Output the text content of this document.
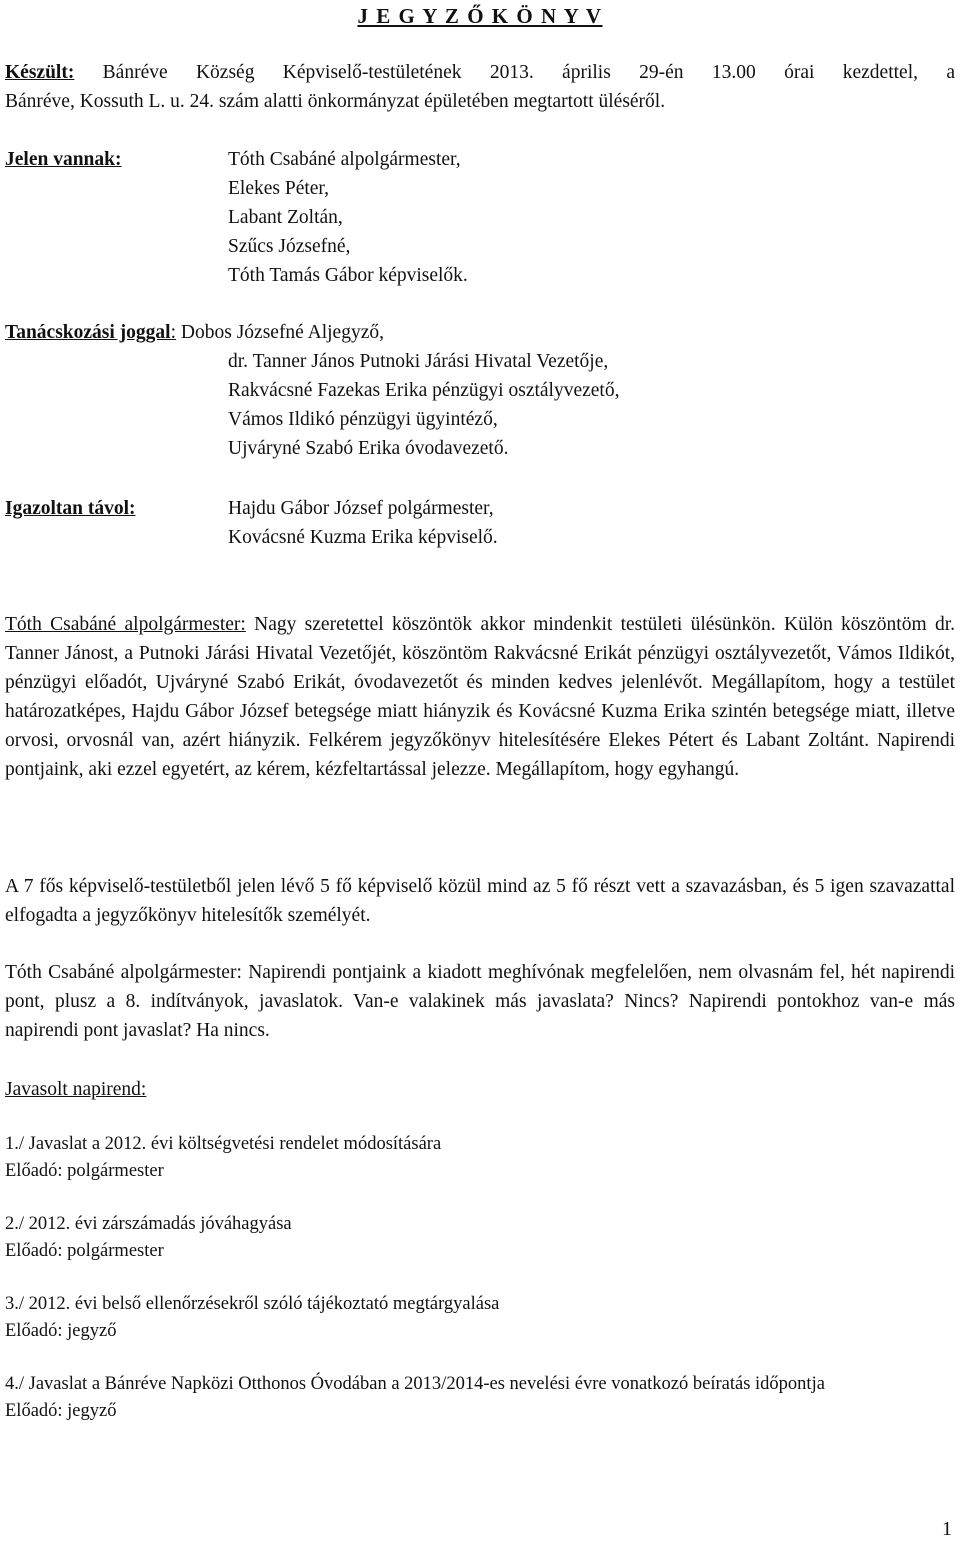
J E G Y Z Ő K Ö N Y V
Készült: Bánréve Község Képviselő-testületének 2013. április 29-én 13.00 órai kezdettel, a
Bánréve, Kossuth L. u. 24. szám alatti önkormányzat épületében megtartott üléséről.
Jelen vannak:	Tóth Csabáné alpolgármester,
Elekes Péter,
Labant Zoltán,
Szűcs Józsefné,
Tóth Tamás Gábor képviselők.
Tanácskozási joggal: Dobos Józsefné Aljegyző,
dr. Tanner János Putnoki Járási Hivatal Vezetője,
Rakvácsné Fazekas Erika pénzügyi osztályvezető,
Vámos Ildikó pénzügyi ügyintéző,
Ujváryné Szabó Erika óvodavezető.
Igazoltan távol:	Hajdu Gábor József polgármester,
Kovácsné Kuzma Erika képviselő.
Tóth Csabáné alpolgármester: Nagy szeretettel köszöntök akkor mindenkit testületi ülésünkön. Külön köszöntöm dr. Tanner Jánost, a Putnoki Járási Hivatal Vezetőjét, köszöntöm Rakvácsné Erikát pénzügyi osztályvezetőt, Vámos Ildikót, pénzügyi előadót, Ujváryné Szabó Erikát, óvodavezetőt és minden kedves jelenlévőt. Megállapítom, hogy a testület határozatképes, Hajdu Gábor József betegsége miatt hiányzik és Kovácsné Kuzma Erika szintén betegsége miatt, illetve orvosi, orvosnál van, azért hiányzik. Felkérem jegyzőkönyv hitelesítésére Elekes Pétert és Labant Zoltánt. Napirendi pontjaink, aki ezzel egyetért, az kérem, kézfeltartással jelezze. Megállapítom, hogy egyhangú.
A 7 fős képviselő-testületből jelen lévő 5 fő képviselő közül mind az 5 fő részt vett a szavazásban, és 5 igen szavazattal elfogadta a jegyzőkönyv hitelesítők személyét.
Tóth Csabáné alpolgármester: Napirendi pontjaink a kiadott meghívónak megfelelően, nem olvasnám fel, hét napirendi pont, plusz a 8. indítványok, javaslatok. Van-e valakinek más javaslata? Nincs? Napirendi pontokhoz van-e más napirendi pont javaslat? Ha nincs.
Javasolt napirend:
1./ Javaslat a 2012. évi költségvetési rendelet módosítására
Előadó: polgármester
2./ 2012. évi zárszámadás jóváhagyása
Előadó: polgármester
3./ 2012. évi belső ellenőrzésekről szóló tájékoztató megtárgyalása
Előadó: jegyző
4./ Javaslat a Bánréve Napközi Otthonos Óvodában a 2013/2014-es nevelési évre vonatkozó beíratás időpontja
Előadó: jegyző
1
